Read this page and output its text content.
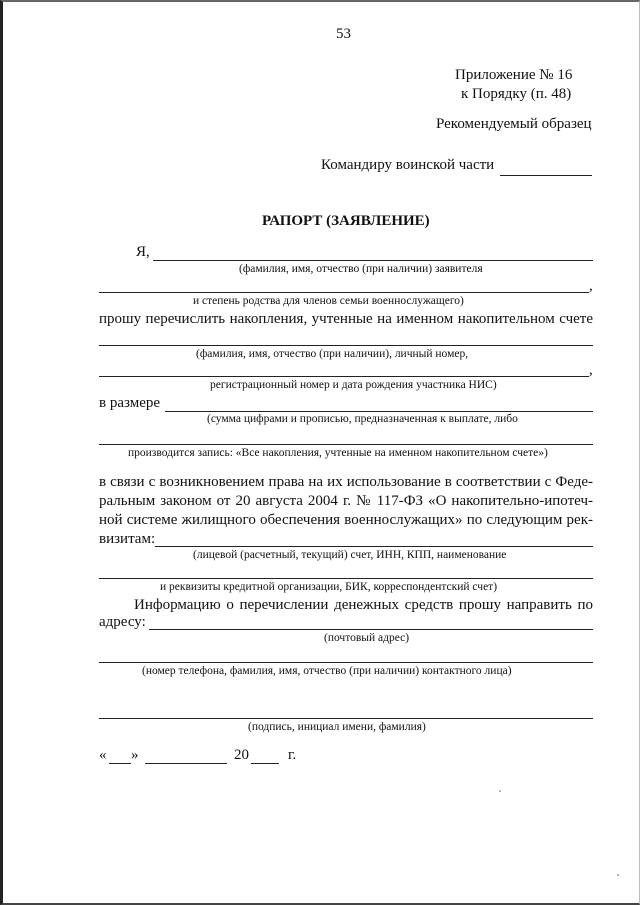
53
Приложение № 16
к Порядку (п. 48)
Рекомендуемый образец
Командиру воинской части
РАПОРТ (ЗАЯВЛЕНИЕ)
Я,
(фамилия, имя, отчество (при наличии) заявителя
,
и степень родства для членов семьи военнослужащего)
прошу перечислить накопления, учтенные на именном накопительном счете
(фамилия, имя, отчество (при наличии), личный номер,
,
регистрационный номер и дата рождения участника НИС)
в размере
(сумма цифрами и прописью, предназначенная к выплате, либо
производится запись: «Все накопления, учтенные на именном накопительном счете»)
в связи с возникновением права на их использование в соответствии с Феде-
ральным законом от 20 августа 2004 г. № 117-ФЗ «О накопительно-ипотеч-
ной системе жилищного обеспечения военнослужащих» по следующим рек-
визитам:
(лицевой (расчетный, текущий) счет, ИНН, КПП, наименование
и реквизиты кредитной организации, БИК, корреспондентский счет)
Информацию о перечислении денежных средств прошу направить по
адресу:
(почтовый адрес)
(номер телефона, фамилия, имя, отчество (при наличии) контактного лица)
(подпись, инициал имени, фамилия)
« »	20	г.
